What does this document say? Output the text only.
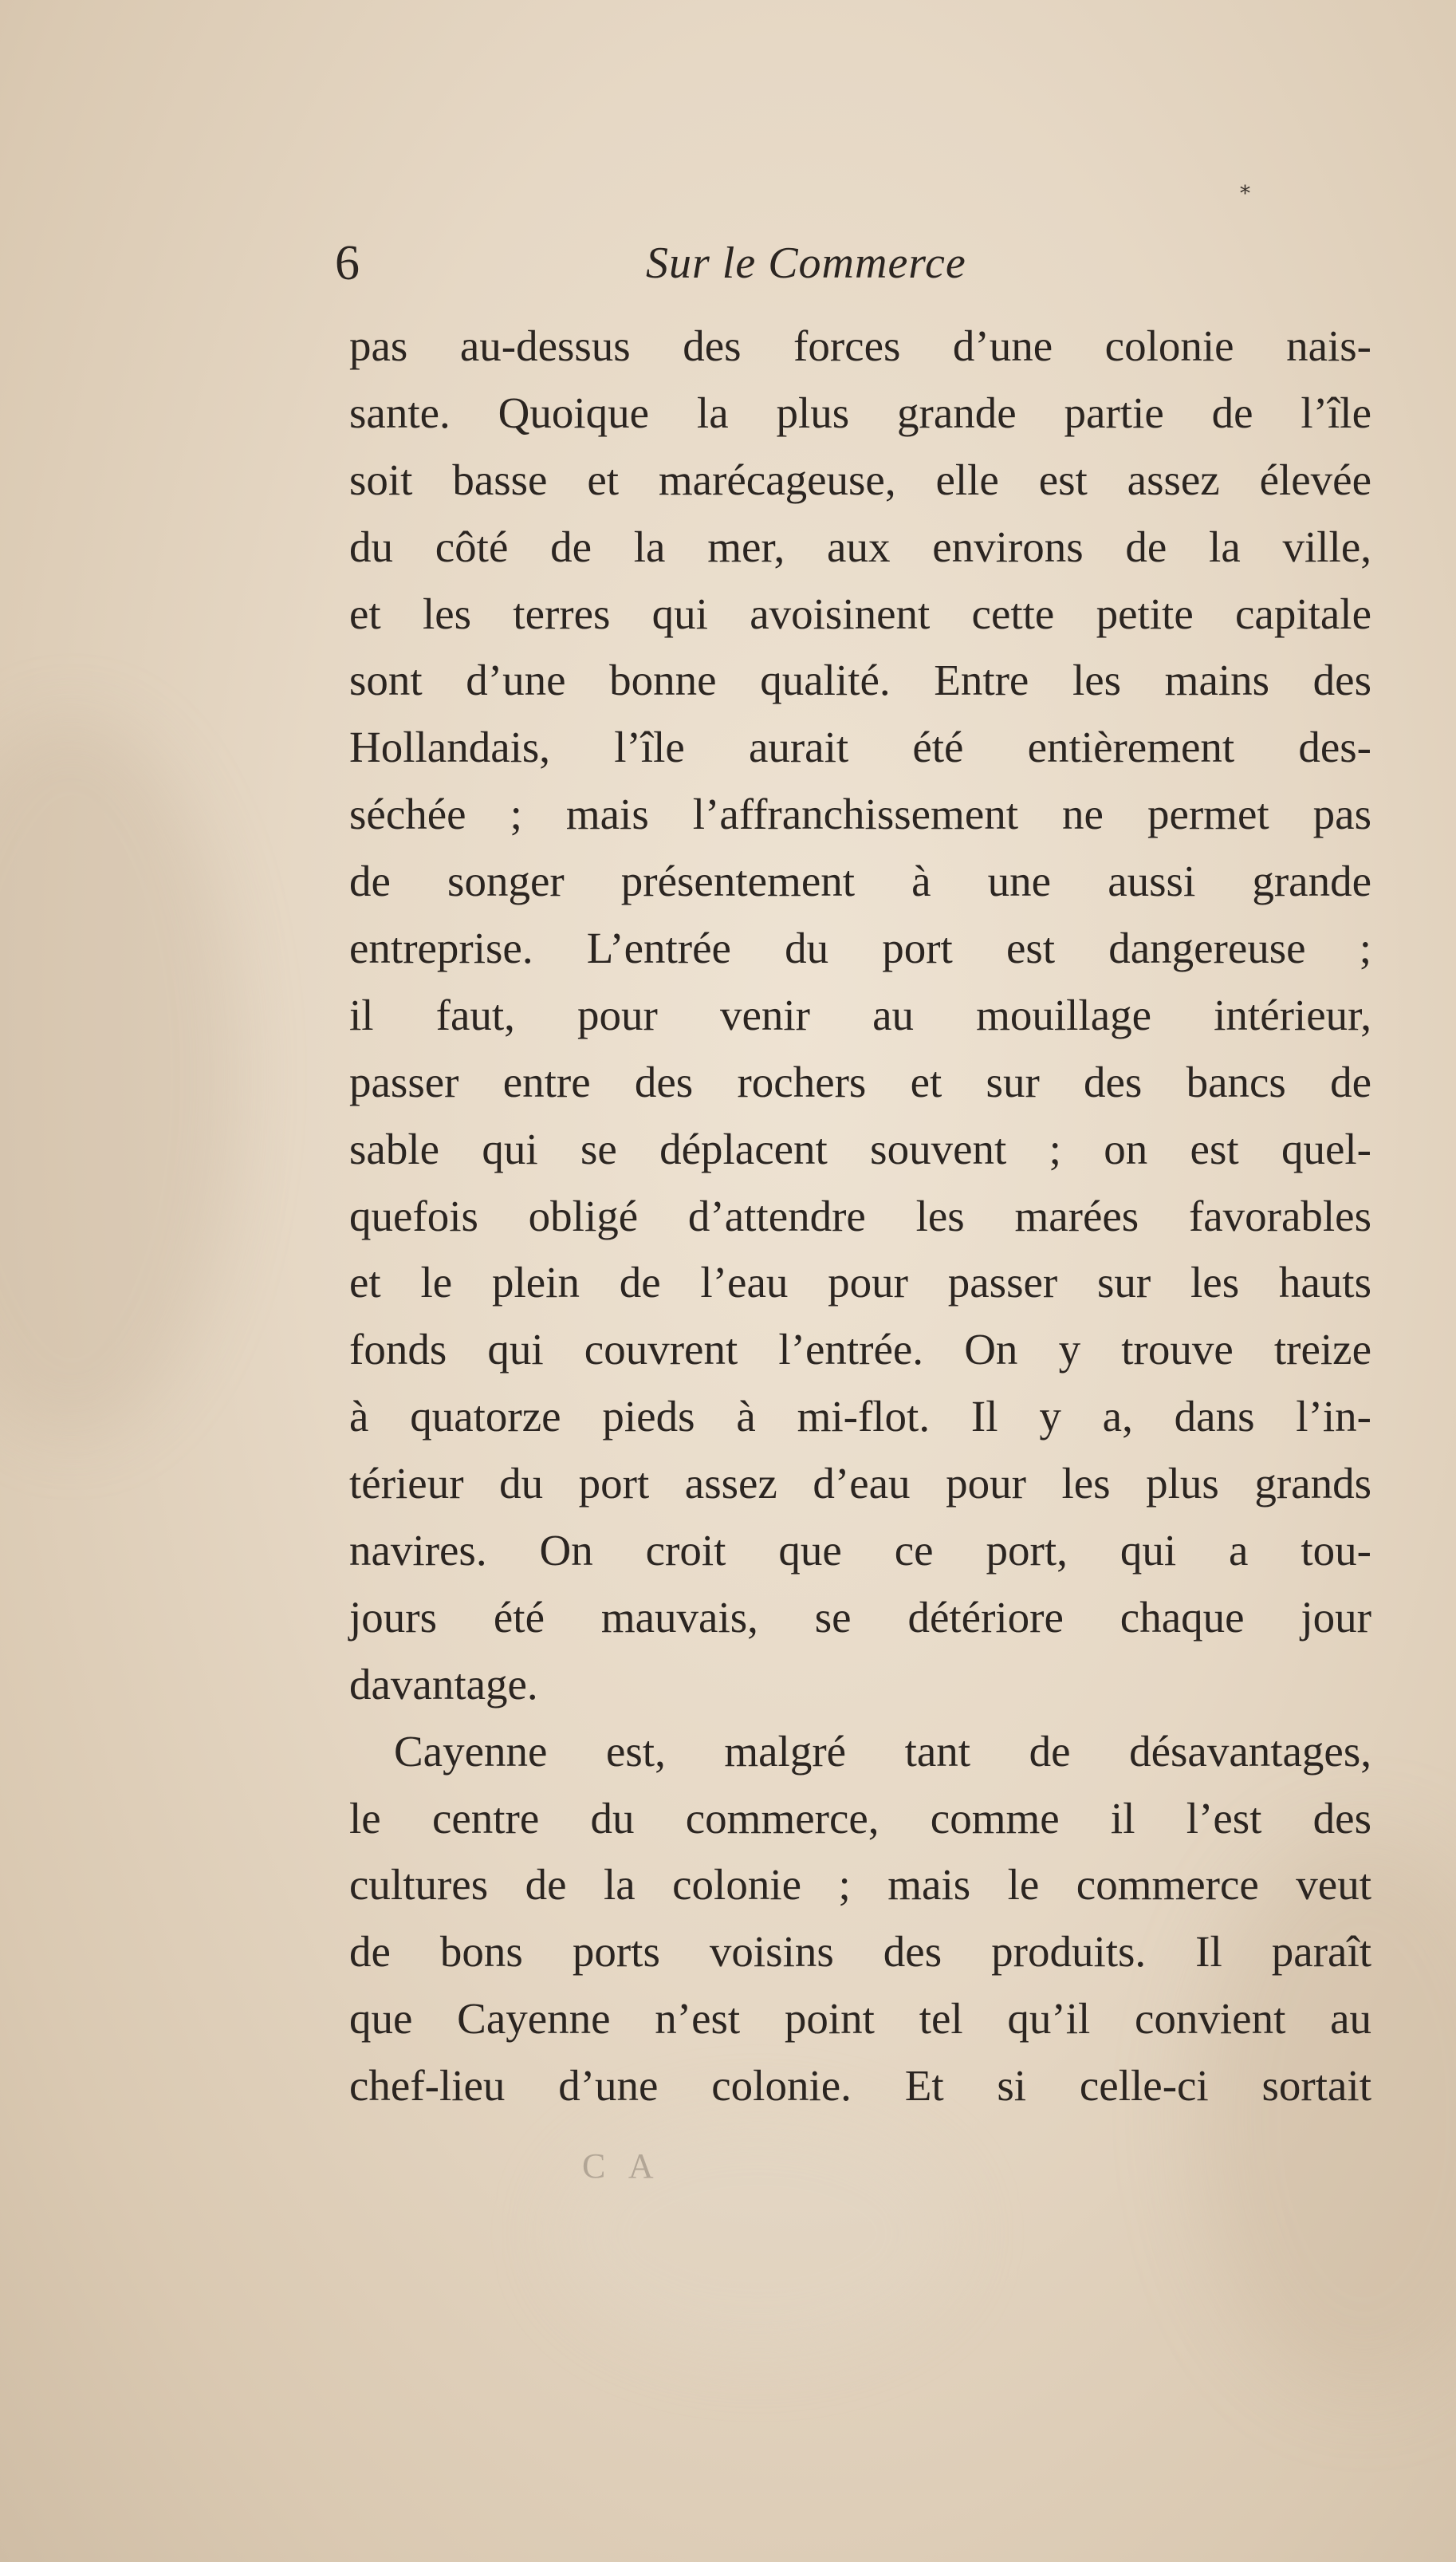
*
6	Sur le Commerce
pas au-dessus des forces d’une colonie nais-
sante. Quoique la plus grande partie de l’île
soit basse et marécageuse, elle est assez élevée
du côté de la mer, aux environs de la ville,
et les terres qui avoisinent cette petite capitale
sont d’une bonne qualité. Entre les mains des
Hollandais, l’île aurait été entièrement des-
séchée ; mais l’affranchissement ne permet pas
de songer présentement à une aussi grande
entreprise. L’entrée du port est dangereuse ;
il faut, pour venir au mouillage intérieur,
passer entre des rochers et sur des bancs de
sable qui se déplacent souvent ; on est quel-
quefois obligé d’attendre les marées favorables
et le plein de l’eau pour passer sur les hauts
fonds qui couvrent l’entrée. On y trouve treize
à quatorze pieds à mi-flot. Il y a, dans l’in-
térieur du port assez d’eau pour les plus grands
navires. On croit que ce port, qui a tou-
jours été mauvais, se détériore chaque jour
davantage.
Cayenne est, malgré tant de désavantages,
le centre du commerce, comme il l’est des
cultures de la colonie ; mais le commerce veut
de bons ports voisins des produits. Il paraît
que Cayenne n’est point tel qu’il convient au
chef-lieu d’une colonie. Et si celle-ci sortait
C A
